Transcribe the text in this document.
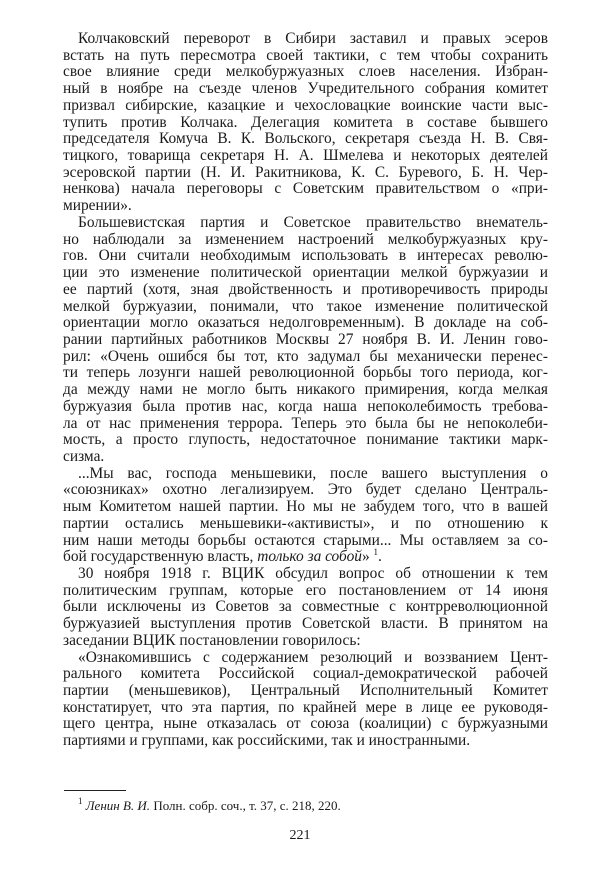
Колчаковский переворот в Сибири заставил и правых эсеров
встать на путь пересмотра своей тактики, с тем чтобы сохранить
свое влияние среди мелкобуржуазных слоев населения. Избран-
ный в ноябре на съезде членов Учредительного собрания комитет
призвал сибирские, казацкие и чехословацкие воинские части выс-
тупить против Колчака. Делегация комитета в составе бывшего
председателя Комуча В. К. Вольского, секретаря съезда Н. В. Свя-
тицкого, товарища секретаря Н. А. Шмелева и некоторых деятелей
эсеровской партии (Н. И. Ракитникова, К. С. Буревого, Б. Н. Чер-
ненкова) начала переговоры с Советским правительством о «при-
мирении».
Большевистская партия и Советское правительство внематель-
но наблюдали за изменением настроений мелкобуржуазных кру-
гов. Они считали необходимым использовать в интересах револю-
ции это изменение политической ориентации мелкой буржуазии и
ее партий (хотя, зная двойственность и противоречивость природы
мелкой буржуазии, понимали, что такое изменение политической
ориентации могло оказаться недолговременным). В докладе на соб-
рании партийных работников Москвы 27 ноября В. И. Ленин гово-
рил: «Очень ошибся бы тот, кто задумал бы механически перенес-
ти теперь лозунги нашей революционной борьбы того периода, ког-
да между нами не могло быть никакого примирения, когда мелкая
буржуазия была против нас, когда наша непоколебимость требова-
ла от нас применения террора. Теперь это была бы не непоколеби-
мость, а просто глупость, недостаточное понимание тактики марк-
сизма.
...Мы вас, господа меньшевики, после вашего выступления о
«союзниках» охотно легализируем. Это будет сделано Централь-
ным Комитетом нашей партии. Но мы не забудем того, что в вашей
партии остались меньшевики-«активисты», и по отношению к
ним наши методы борьбы остаются старыми... Мы оставляем за со-
бой государственную власть, только за собой» $^1$.
30 ноября 1918 г. ВЦИК обсудил вопрос об отношении к тем
политическим группам, которые его постановлением от 14 июня
были исключены из Советов за совместные с контрреволюционной
буржуазией выступления против Советской власти. В принятом на
заседании ВЦИК постановлении говорилось:
«Ознакомившись с содержанием резолюций и воззванием Цент-
рального комитета Российской социал-демократической рабочей
партии (меньшевиков), Центральный Исполнительный Комитет
констатирует, что эта партия, по крайней мере в лице ее руководя-
щего центра, ныне отказалась от союза (коалиции) с буржуазными
партиями и группами, как российскими, так и иностранными.
$^1$ Ленин В. И. Полн. собр. соч., т. 37, с. 218, 220.
221
